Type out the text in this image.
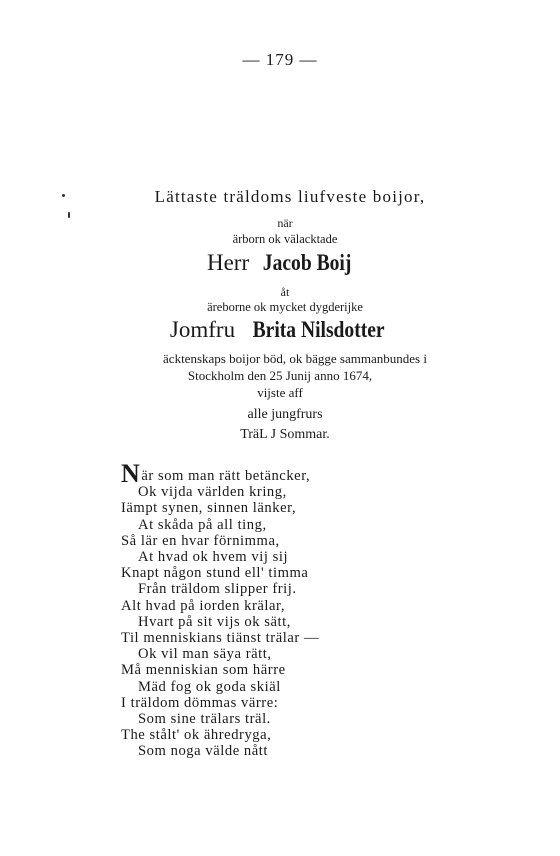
— 179 —
Lättaste träldoms liufveste boijor,
när
ärborn ok välacktade
Herr Jacob Boij
åt
äreborne ok mycket dygderijke
Jomfru Brita Nilsdotter
äcktenskaps boijor böd, ok bägge sammanbundes i
Stockholm den 25 Junij anno 1674,
vijste aff
alle jungfrurs
TräL J Sommar.
När som man rätt betäncker,
Ok vijda världen kring,
Iämpt synen, sinnen länker,
At skåda på all ting,
Så lär en hvar förnimma,
At hvad ok hvem vij sij
Knapt någon stund ell' timma
Från träldom slipper frij.
Alt hvad på iorden krälar,
Hvart på sit vijs ok sätt,
Til menniskians tiänst trälar —
Ok vil man säya rätt,
Må menniskian som härre
Mäd fog ok goda skiäl
I träldom dömmas värre:
Som sine trälars träl.
The stålt' ok ähredryga,
Som noga välde nått
